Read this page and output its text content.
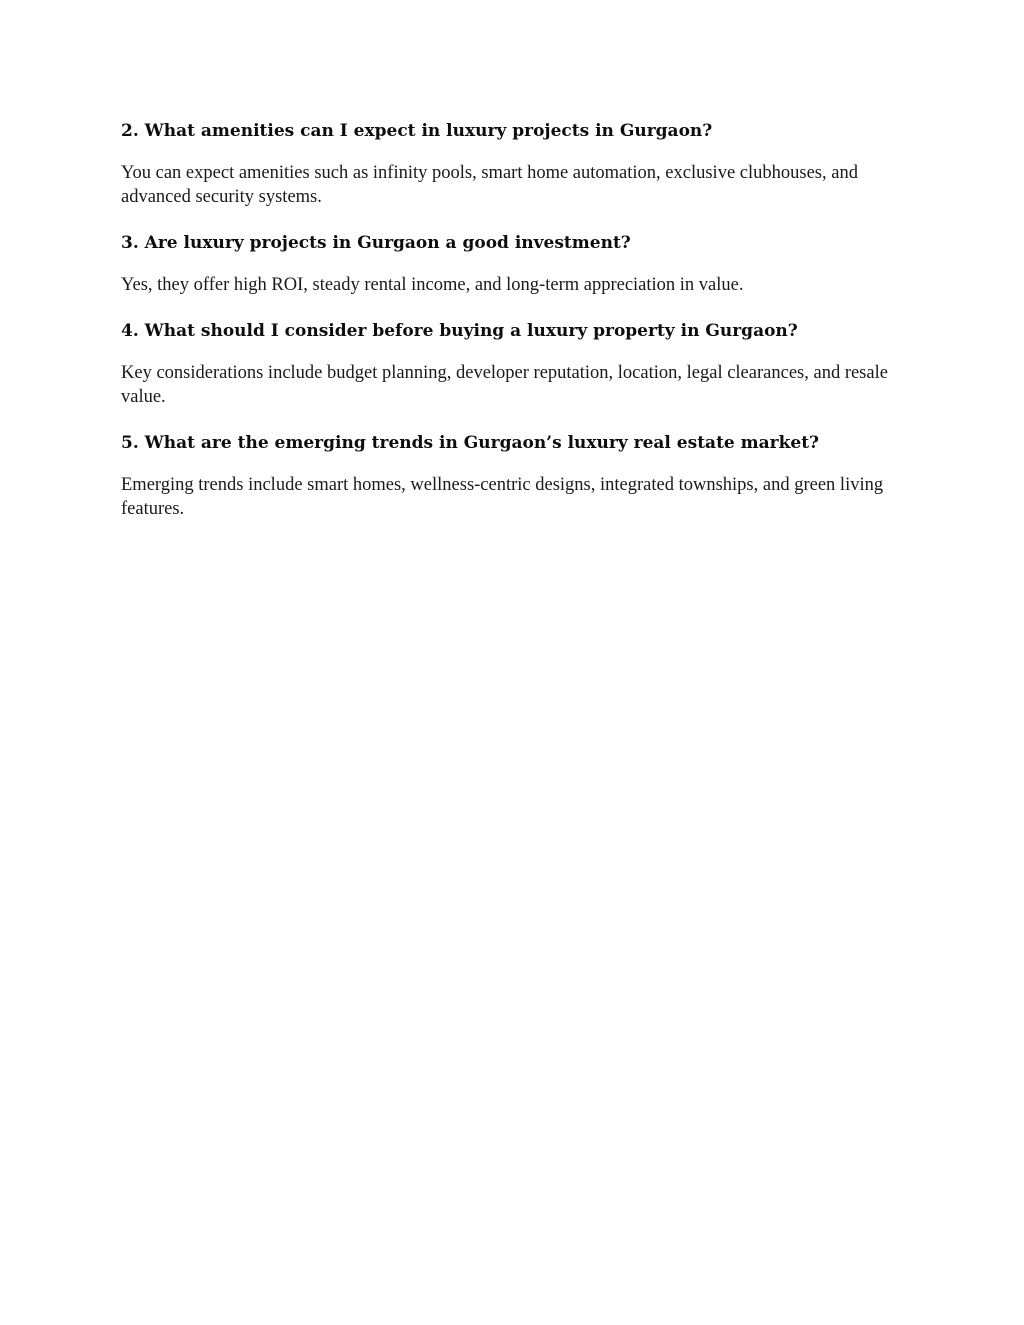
2. What amenities can I expect in luxury projects in Gurgaon?

You can expect amenities such as infinity pools, smart home automation, exclusive clubhouses, and advanced security systems.

3. Are luxury projects in Gurgaon a good investment?

Yes, they offer high ROI, steady rental income, and long-term appreciation in value.

4. What should I consider before buying a luxury property in Gurgaon?

Key considerations include budget planning, developer reputation, location, legal clearances, and resale value.

5. What are the emerging trends in Gurgaon’s luxury real estate market?

Emerging trends include smart homes, wellness-centric designs, integrated townships, and green living features.
